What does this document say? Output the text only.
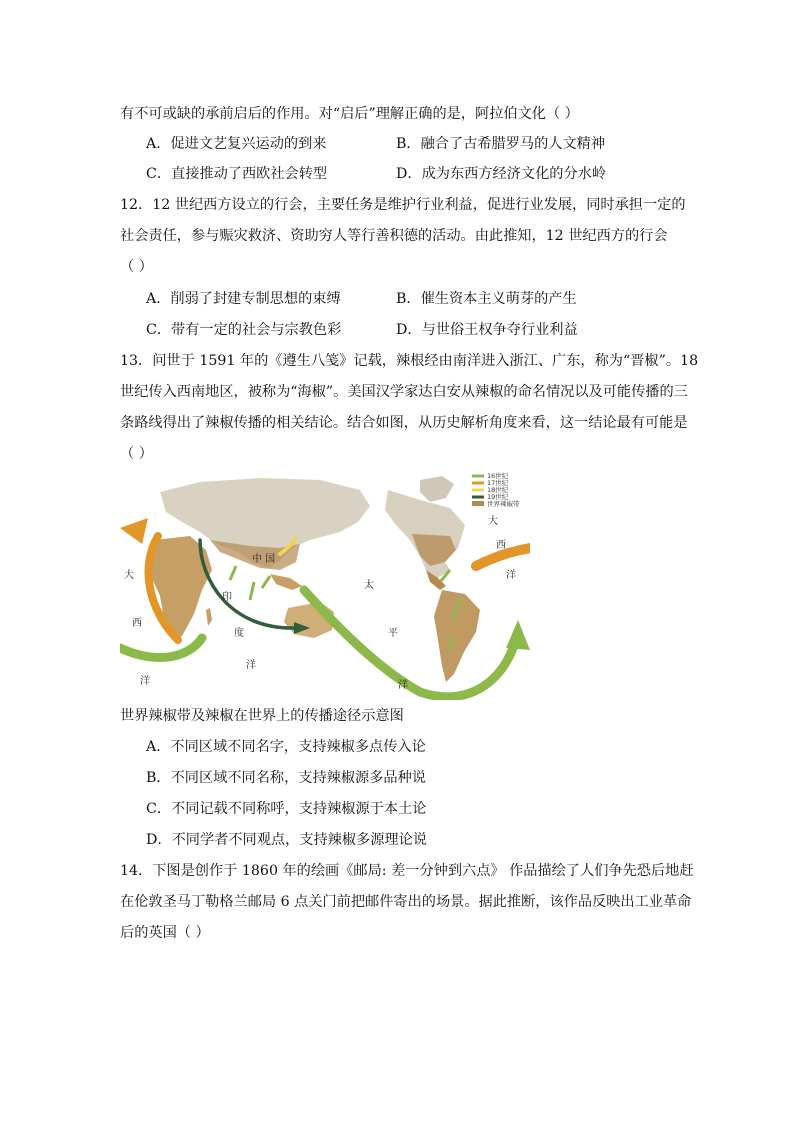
有不可或缺的承前启后的作用。对“启后”理解正确的是，阿拉伯文化（ ）
A．促进文艺复兴运动的到来	B．融合了古希腊罗马的人文精神
C．直接推动了西欧社会转型	D．成为东西方经济文化的分水岭
12．12 世纪西方设立的行会，主要任务是维护行业利益，促进行业发展，同时承担一定的
社会责任，参与赈灾救济、资助穷人等行善积德的活动。由此推知，12 世纪西方的行会
（ ）
A．削弱了封建专制思想的束缚	B．催生资本主义萌芽的产生
C．带有一定的社会与宗教色彩	D．与世俗王权争夺行业利益
13．问世于 1591 年的《遵生八笺》记载，辣根经由南洋进入浙江、广东，称为“晋椒”。18
世纪传入西南地区，被称为“海椒”。美国汉学家达白安从辣椒的命名情况以及可能传播的三
条路线得出了辣椒传播的相关结论。结合如图，从历史解析角度来看，这一结论最有可能是
（ ）
大
西
洋
中 国
印
度
洋
太
平
洋
大
西
洋
16世纪
17世纪
18世纪
19世纪
世界辣椒带
世界辣椒带及辣椒在世界上的传播途径示意图
A．不同区域不同名字，支持辣椒多点传入论
B．不同区域不同名称，支持辣椒源多品种说
C．不同记载不同称呼，支持辣椒源于本土论
D．不同学者不同观点，支持辣椒多源理论说
14．下图是创作于 1860 年的绘画《邮局: 差一分钟到六点》 作品描绘了人们争先恐后地赶
在伦敦圣马丁勒格兰邮局 6 点关门前把邮件寄出的场景。据此推断，该作品反映出工业革命
后的英国（ ）
